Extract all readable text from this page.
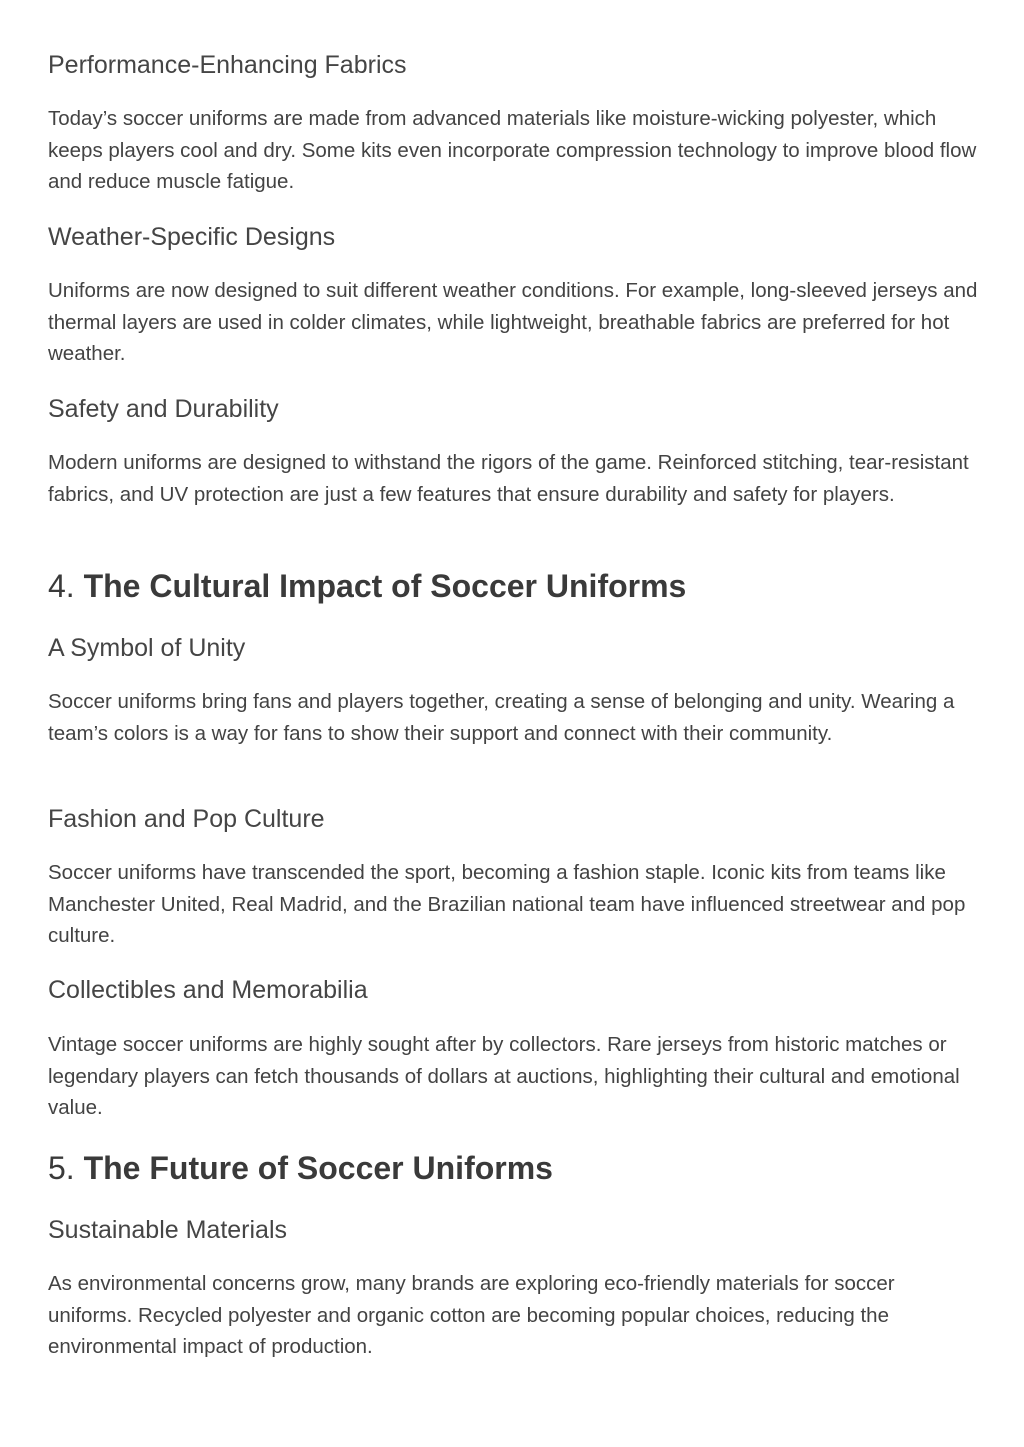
Performance-Enhancing Fabrics

Today’s soccer uniforms are made from advanced materials like moisture-wicking polyester, which keeps players cool and dry. Some kits even incorporate compression technology to improve blood flow and reduce muscle fatigue.

Weather-Specific Designs

Uniforms are now designed to suit different weather conditions. For example, long-sleeved jerseys and thermal layers are used in colder climates, while lightweight, breathable fabrics are preferred for hot weather.

Safety and Durability

Modern uniforms are designed to withstand the rigors of the game. Reinforced stitching, tear-resistant fabrics, and UV protection are just a few features that ensure durability and safety for players.

4. The Cultural Impact of Soccer Uniforms
A Symbol of Unity

Soccer uniforms bring fans and players together, creating a sense of belonging and unity. Wearing a team’s colors is a way for fans to show their support and connect with their community.

Fashion and Pop Culture

Soccer uniforms have transcended the sport, becoming a fashion staple. Iconic kits from teams like Manchester United, Real Madrid, and the Brazilian national team have influenced streetwear and pop culture.

Collectibles and Memorabilia

Vintage soccer uniforms are highly sought after by collectors. Rare jerseys from historic matches or legendary players can fetch thousands of dollars at auctions, highlighting their cultural and emotional value.

5. The Future of Soccer Uniforms
Sustainable Materials

As environmental concerns grow, many brands are exploring eco-friendly materials for soccer uniforms. Recycled polyester and organic cotton are becoming popular choices, reducing the environmental impact of production.
